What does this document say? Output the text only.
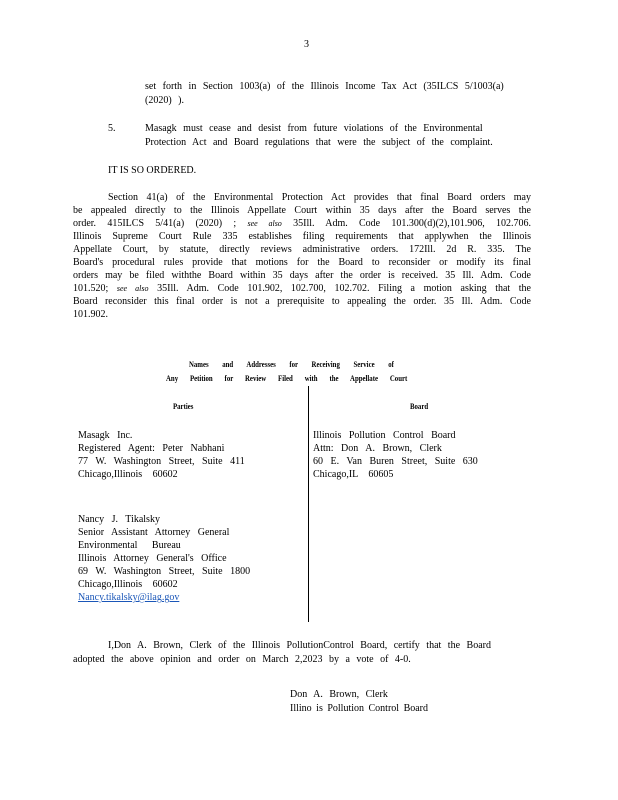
3
set forth in Section 1003(a) of the Illinois Income Tax Act (35ILCS 5/1003(a)
(2020) ).
5.	Masagk must cease and desist from future violations of the Environmental
Protection Act and Board regulations that were the subject of the complaint.
IT IS SO ORDERED.
Section 41(a) of the Environmental Protection Act provides that final Board orders may
be appealed directly to the Illinois Appellate Court within 35 days after the Board serves the
order. 415ILCS 5/41(a) (2020) ; see also 35Ill. Adm. Code 101.300(d)(2),101.906, 102.706.
Illinois Supreme Court Rule 335 establishes filing requirements that applywhen the Illinois
Appellate Court, by statute, directly reviews administrative orders. 172Ill. 2d R. 335. The
Board's procedural rules provide that motions for the Board to reconsider or modify its final
orders may be filed withthe Board within 35 days after the order is received. 35 Ill. Adm. Code
101.520; see also 35Ill. Adm. Code 101.902, 102.700, 102.702. Filing a motion asking that the
Board reconsider this final order is not a prerequisite to appealing the order. 35 Ill. Adm. Code
101.902.
Names and Addresses for Receiving Service of
Any Petition for Review Filed with the Appellate Court
Parties	Board
Masagk Inc.
Registered Agent: Peter Nabhani
77 W. Washington Street, Suite 411
Chicago,Illinois 60602
Illinois Pollution Control Board
Attn: Don A. Brown, Clerk
60 E. Van Buren Street, Suite 630
Chicago,IL 60605
Nancy J. Tikalsky
Senior Assistant Attorney General
Environmental Bureau
Illinois Attorney General's Office
69 W. Washington Street, Suite 1800
Chicago,Illinois 60602
Nancy.tikalsky@ilag.gov
I,Don A. Brown, Clerk of the Illinois PollutionControl Board, certify that the Board
adopted the above opinion and order on March 2,2023 by a vote of 4-0.
Don A. Brown, Clerk
Illino is Pollution Control Board
